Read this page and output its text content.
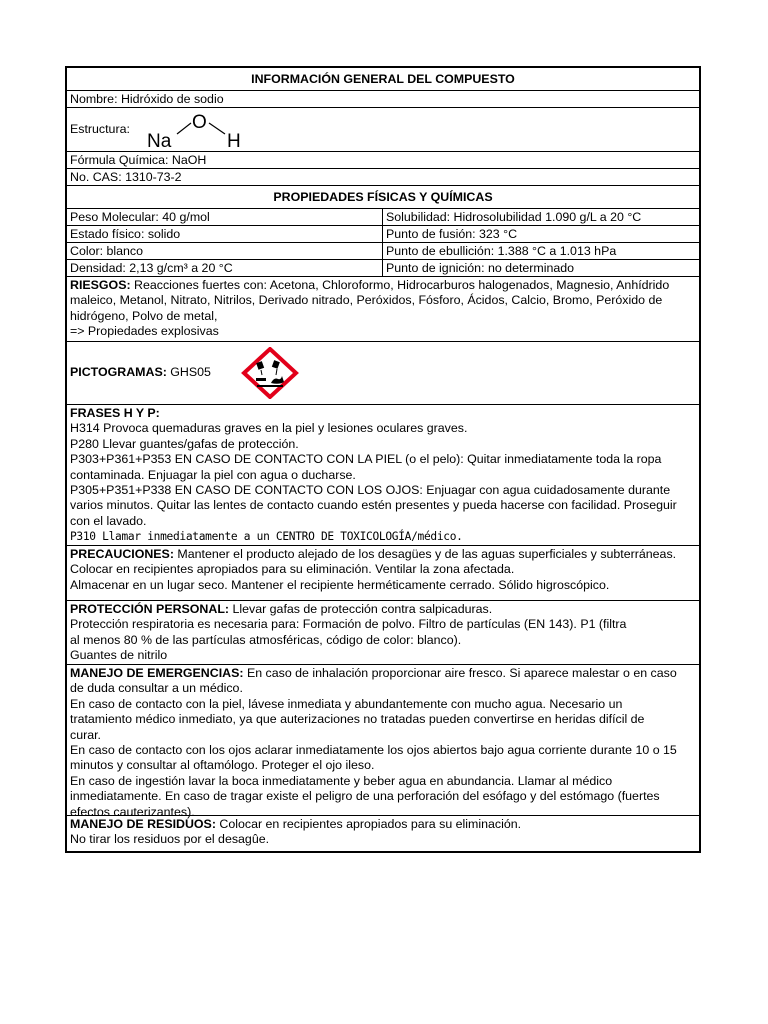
INFORMACIÓN GENERAL DEL COMPUESTO
Nombre: Hidróxido de sodio
Estructura:
Na
O
H
Fórmula Química: NaOH
No. CAS: 1310-73-2
PROPIEDADES FÍSICAS Y QUÍMICAS
Peso Molecular: 40 g/mol	Solubilidad: Hidrosolubilidad 1.090 g/L a 20 °C
Estado físico: solido	Punto de fusión: 323 °C
Color: blanco	Punto de ebullición: 1.388 °C a 1.013 hPa
Densidad: 2,13 g/cm³ a 20 °C	Punto de ignición: no determinado
RIESGOS: Reacciones fuertes con: Acetona, Chloroformo, Hidrocarburos halogenados, Magnesio, Anhídrido
maleico, Metanol, Nitrato, Nitrilos, Derivado nitrado, Peróxidos, Fósforo, Ácidos, Calcio, Bromo, Peróxido de
hidrógeno, Polvo de metal,
=> Propiedades explosivas
PICTOGRAMAS: GHS05
FRASES H Y P:
H314 Provoca quemaduras graves en la piel y lesiones oculares graves.
P280 Llevar guantes/gafas de protección.
P303+P361+P353 EN CASO DE CONTACTO CON LA PIEL (o el pelo): Quitar inmediatamente toda la ropa
contaminada. Enjuagar la piel con agua o ducharse.
P305+P351+P338 EN CASO DE CONTACTO CON LOS OJOS: Enjuagar con agua cuidadosamente durante
varios minutos. Quitar las lentes de contacto cuando estén presentes y pueda hacerse con facilidad. Proseguir
con el lavado.
P310 Llamar inmediatamente a un CENTRO DE TOXICOLOGÍA/médico.
PRECAUCIONES: Mantener el producto alejado de los desagües y de las aguas superficiales y subterráneas.
Colocar en recipientes apropiados para su eliminación. Ventilar la zona afectada.
Almacenar en un lugar seco. Mantener el recipiente herméticamente cerrado. Sólido higroscópico.
PROTECCIÓN PERSONAL: Llevar gafas de protección contra salpicaduras.
Protección respiratoria es necesaria para: Formación de polvo. Filtro de partículas (EN 143). P1 (filtra
al menos 80 % de las partículas atmosféricas, código de color: blanco).
Guantes de nitrilo
MANEJO DE EMERGENCIAS: En caso de inhalación proporcionar aire fresco. Si aparece malestar o en caso
de duda consultar a un médico.
En caso de contacto con la piel, lávese inmediata y abundantemente con mucho agua. Necesario un
tratamiento médico inmediato, ya que auterizaciones no tratadas pueden convertirse en heridas difícil de
curar.
En caso de contacto con los ojos aclarar inmediatamente los ojos abiertos bajo agua corriente durante 10 o 15
minutos y consultar al oftamólogo. Proteger el ojo ileso.
En caso de ingestión lavar la boca inmediatamente y beber agua en abundancia. Llamar al médico
inmediatamente. En caso de tragar existe el peligro de una perforación del esófago y del estómago (fuertes
efectos cauterizantes).
MANEJO DE RESIDUOS: Colocar en recipientes apropiados para su eliminación.
No tirar los residuos por el desagûe.
